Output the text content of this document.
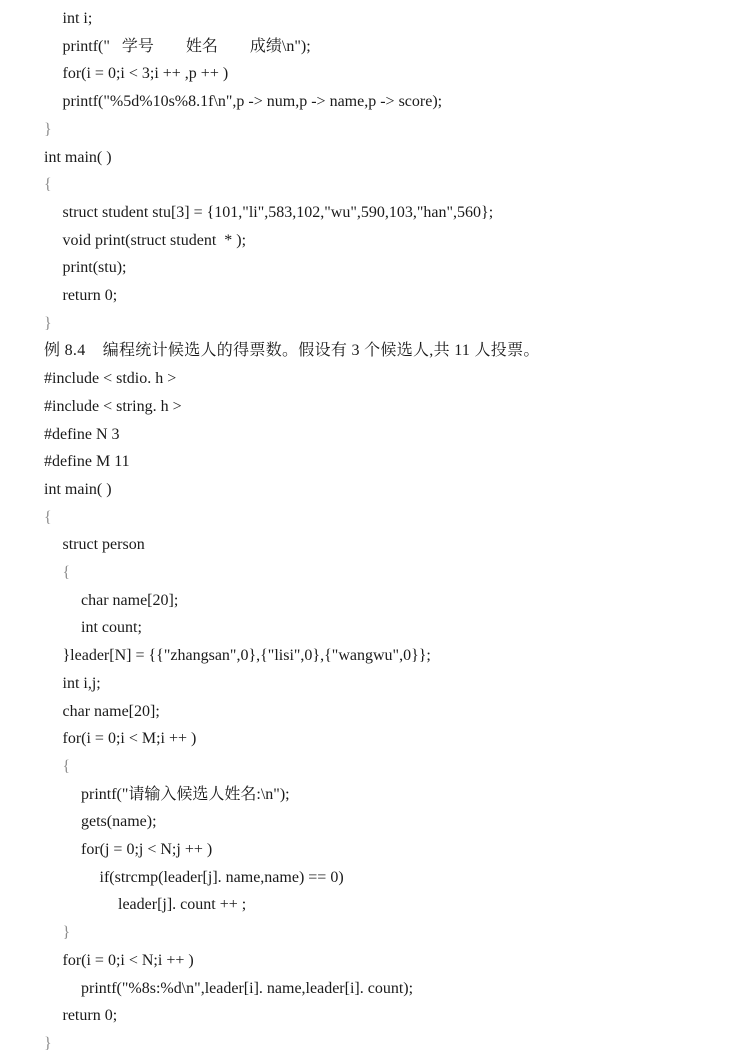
int i;
printf("   学号        姓名        成绩\n");
for(i = 0;i < 3;i ++ ,p ++ )
printf("%5d%10s%8.1f\n",p -> num,p -> name,p -> score);
}
int main( )
{
struct student stu[3] = {101,"li",583,102,"wu",590,103,"han",560};
void print(struct student  * );
print(stu);
return 0;
}
例 8.4    编程统计候选人的得票数。假设有 3 个候选人,共 11 人投票。
#include < stdio. h >
#include < string. h >
#define N 3
#define M 11
int main( )
{
struct person
{
char name[20];
int count;
}leader[N] = {{"zhangsan",0},{"lisi",0},{"wangwu",0}};
int i,j;
char name[20];
for(i = 0;i < M;i ++ )
{
printf("请输入候选人姓名:\n");
gets(name);
for(j = 0;j < N;j ++ )
if(strcmp(leader[j]. name,name) == 0)
leader[j]. count ++ ;
}
for(i = 0;i < N;i ++ )
printf("%8s:%d\n",leader[i]. name,leader[i]. count);
return 0;
}
